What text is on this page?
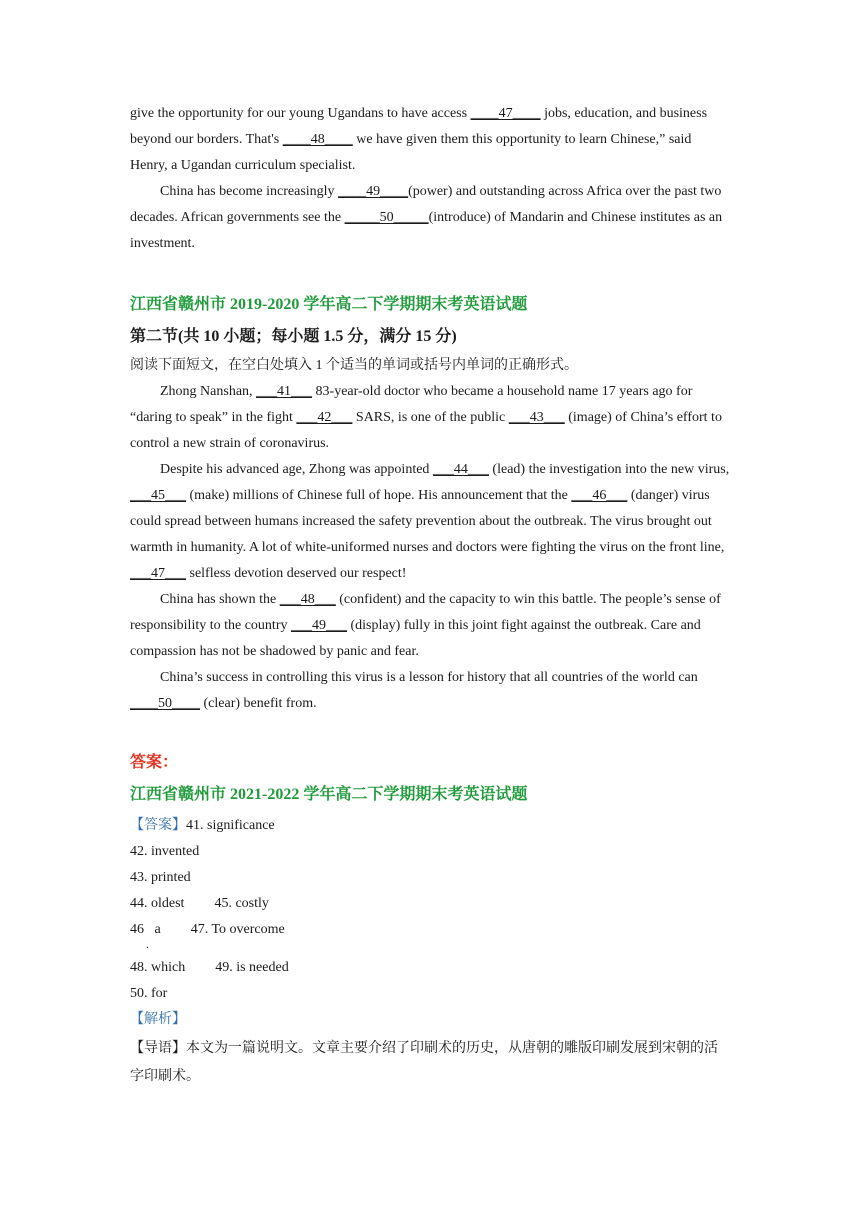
give the opportunity for our young Ugandans to have access ____47____ jobs, education, and business beyond our borders. That's ____48____ we have given them this opportunity to learn Chinese,” said Henry, a Ugandan curriculum specialist.

China has become increasingly ____49____(power) and outstanding across Africa over the past two decades. African governments see the _____50_____(introduce) of Mandarin and Chinese institutes as an investment.

江西省赣州市 2019-2020 学年高二下学期期末考英语试题

第二节(共 10 小题；每小题 1.5 分，满分 15 分)

阅读下面短文，在空白处填入 1 个适当的单词或括号内单词的正确形式。

Zhong Nanshan, ___41___ 83-year-old doctor who became a household name 17 years ago for “daring to speak” in the fight ___42___ SARS, is one of the public ___43___ (image) of China’s effort to control a new strain of coronavirus.

Despite his advanced age, Zhong was appointed ___44___ (lead) the investigation into the new virus, ___45___ (make) millions of Chinese full of hope. His announcement that the ___46___ (danger) virus could spread between humans increased the safety prevention about the outbreak. The virus brought out warmth in humanity. A lot of white-uniformed nurses and doctors were fighting the virus on the front line, ___47___ selfless devotion deserved our respect!

China has shown the ___48___ (confident) and the capacity to win this battle. The people’s sense of responsibility to the country ___49___ (display) fully in this joint fight against the outbreak. Care and compassion has not be shadowed by panic and fear.

China’s success in controlling this virus is a lesson for history that all countries of the world can ____50____ (clear) benefit from.

答案：

江西省赣州市 2021-2022 学年高二下学期期末考英语试题

【答案】41. significance

42. invented

43. printed

44. oldest 45. costly

46 a 47. To overcome
.

48. which 49. is needed

50. for

【解析】

【导语】本文为一篇说明文。文章主要介绍了印刷术的历史，从唐朝的雕版印刷发展到宋朝的活字印刷术。
